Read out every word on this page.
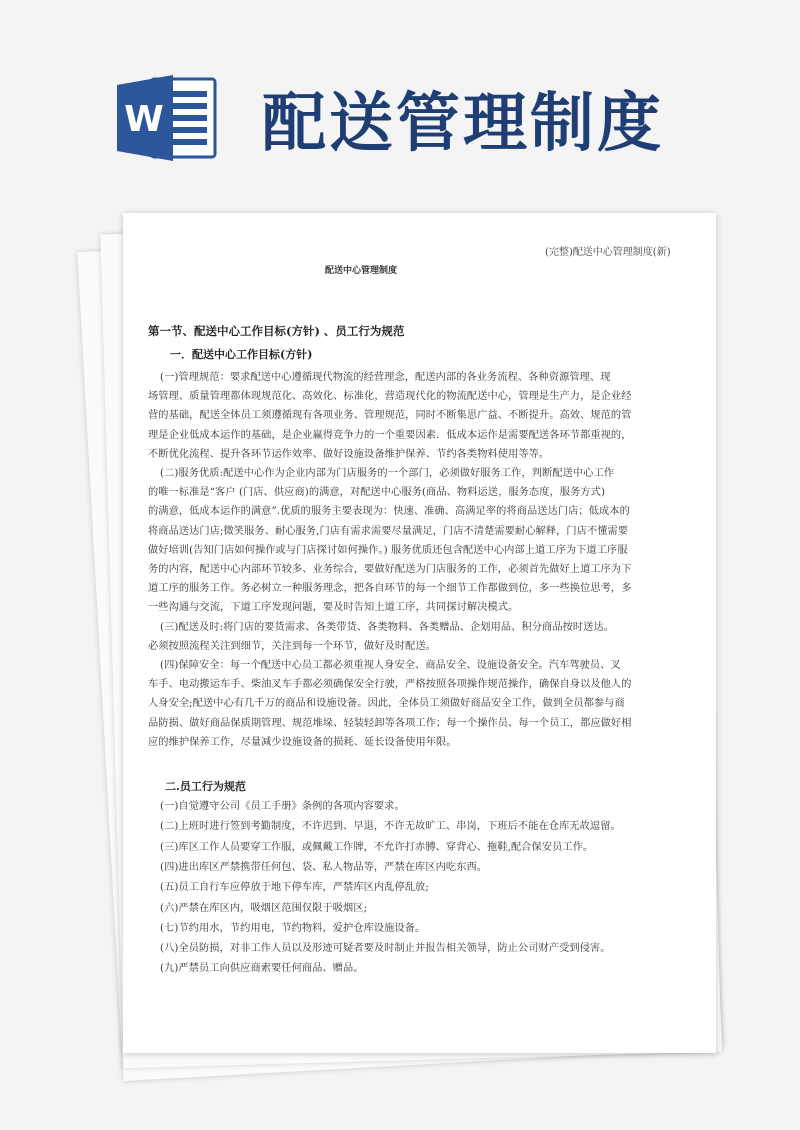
W 配送管理制度
(完整)配送中心管理制度(新)
配送中心管理制度
第一节、配送中心工作目标(方针) 、员工行为规范
一．配送中心工作目标(方针)
(一)管理规范：要求配送中心遵循现代物流的经营理念，配送内部的各业务流程、各种资源管理、现
场管理、质量管理都体现规范化、高效化、标准化，营造现代化的物流配送中心，管理是生产力，是企业经
营的基础，配送全体员工须遵循现有各项业务、管理规范，同时不断集思广益、不断提升。高效、规范的管
理是企业低成本运作的基础，是企业赢得竞争力的一个重要因素．低成本运作是需要配送各环节都重视的，
不断优化流程、提升各环节运作效率、做好设施设备维护保养、节约各类物料使用等等。
(二)服务优质:配送中心作为企业内部为门店服务的一个部门，必须做好服务工作，判断配送中心工作
的唯一标准是“客户 (门店、供应商)的满意，对配送中心服务(商品、物料运送，服务态度，服务方式)
的满意，低成本运作的满意”.优质的服务主要表现为：快速、准确、高满足率的将商品送达门店；低成本的
将商品送达门店;微笑服务、耐心服务,门店有需求需要尽量满足，门店不清楚需要耐心解释，门店不懂需要
做好培训(告知门店如何操作或与门店探讨如何操作。) 服务优质还包含配送中心内部上道工序为下道工序服
务的内容，配送中心内部环节较多、业务综合，要做好配送为门店服务的工作，必须首先做好上道工序为下
道工序的服务工作。务必树立一种服务理念，把各自环节的每一个细节工作都做到位，多一些换位思考，多
一些沟通与交流，下道工序发现问题，要及时告知上道工序，共同探讨解决模式。
(三)配送及时:将门店的要货需求、各类带货、各类物料、各类赠品、企划用品、积分商品按时送达。
必须按照流程关注到细节，关注到每一个环节，做好及时配送。
(四)保障安全：每一个配送中心员工都必须重视人身安全、商品安全、设施设备安全。汽车驾驶员、叉
车手、电动搬运车手、柴油叉车手都必须确保安全行驶，严格按照各项操作规范操作，确保自身以及他人的
人身安全;配送中心有几千万的商品和设施设备。因此，全体员工须做好商品安全工作，做到全员都参与商
品防损、做好商品保质期管理、规范堆垛、轻装轻卸等各项工作；每一个操作员、每一个员工，都应做好相
应的维护保养工作，尽量减少设施设备的损耗、延长设备使用年限。
二.员工行为规范
(一)自觉遵守公司《员工手册》条例的各项内容要求。
(二)上班时进行签到考勤制度，不许迟到、早退，不许无故旷工、串岗，下班后不能在仓库无故逗留。
(三)库区工作人员要穿工作服，或佩戴工作牌，不允许打赤膊、穿背心、拖鞋,配合保安员工作。
(四)进出库区严禁携带任何包、袋、私人物品等，严禁在库区内吃东西。
(五)员工自行车应停放于地下停车库，严禁库区内乱停乱放;
(六)严禁在库区内，吸烟区范围仅限于吸烟区;
(七)节约用水，节约用电，节约物料，爱护仓库设施设备。
(八)全员防损，对非工作人员以及形迹可疑者要及时制止并报告相关领导，防止公司财产受到侵害。
(九)严禁员工向供应商索要任何商品、赠品。
